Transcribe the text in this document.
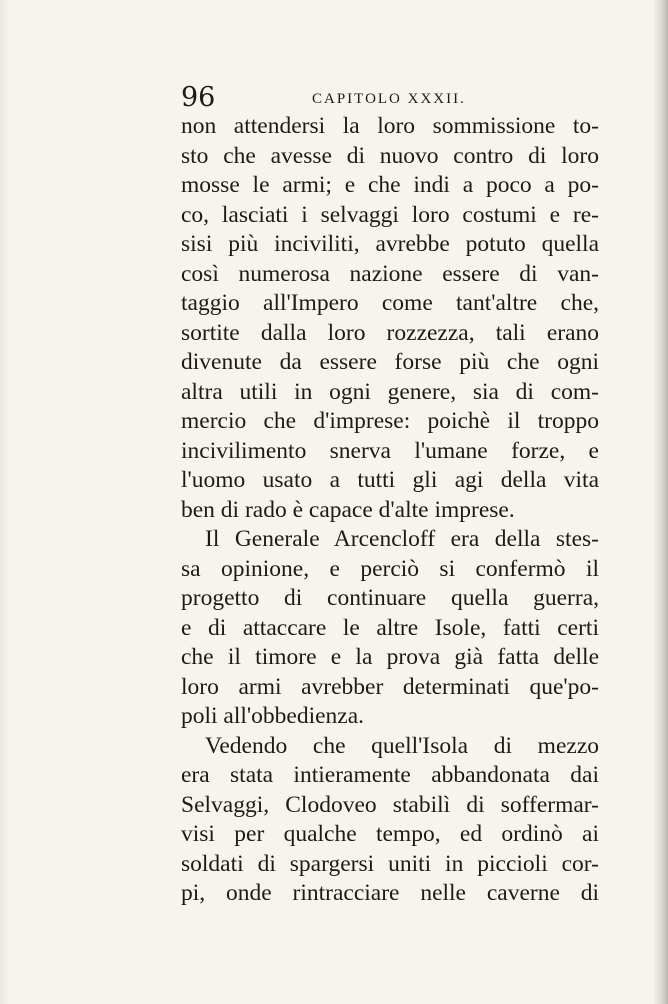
96	CAPITOLO XXXII.
non attendersi la loro sommissione to-
sto che avesse di nuovo contro di loro
mosse le armi; e che indi a poco a po-
co, lasciati i selvaggi loro costumi e re-
sisi più inciviliti, avrebbe potuto quella
così numerosa nazione essere di van-
taggio all'Impero come tant'altre che,
sortite dalla loro rozzezza, tali erano
divenute da essere forse più che ogni
altra utili in ogni genere, sia di com-
mercio che d'imprese: poichè il troppo
incivilimento snerva l'umane forze, e
l'uomo usato a tutti gli agi della vita
ben di rado è capace d'alte imprese.
Il Generale Arcencloff era della stes-
sa opinione, e perciò si confermò il
progetto di continuare quella guerra,
e di attaccare le altre Isole, fatti certi
che il timore e la prova già fatta delle
loro armi avrebber determinati que'po-
poli all'obbedienza.
Vedendo che quell'Isola di mezzo
era stata intieramente abbandonata dai
Selvaggi, Clodoveo stabilì di soffermar-
visi per qualche tempo, ed ordinò ai
soldati di spargersi uniti in piccioli cor-
pi, onde rintracciare nelle caverne di
